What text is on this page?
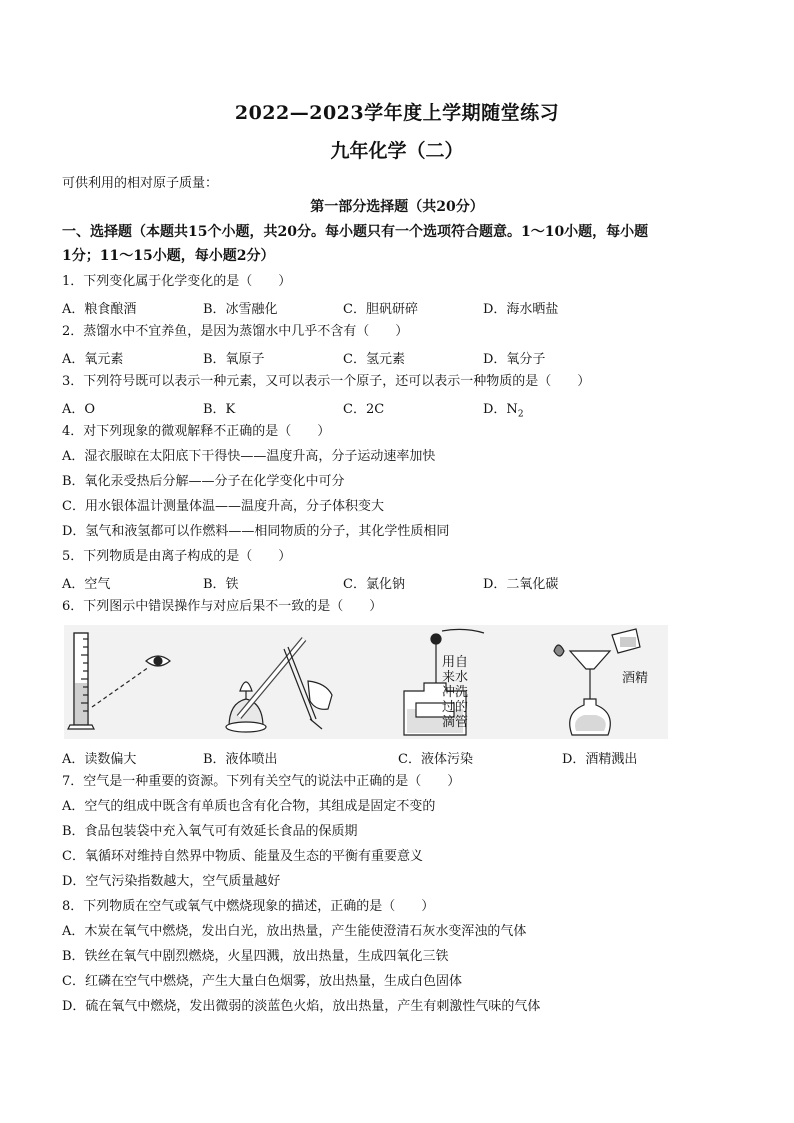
2022—2023学年度上学期随堂练习
九年化学（二）
可供利用的相对原子质量：
第一部分选择题（共20分）
一、选择题（本题共15个小题，共20分。每小题只有一个选项符合题意。1～10小题，每小题
1分；11～15小题，每小题2分）
1．下列变化属于化学变化的是（　　）
A．粮食酿酒	B．冰雪融化	C．胆矾研碎	D．海水晒盐
2．蒸馏水中不宜养鱼，是因为蒸馏水中几乎不含有（　　）
A．氧元素	B．氧原子	C．氢元素	D．氧分子
3．下列符号既可以表示一种元素，又可以表示一个原子，还可以表示一种物质的是（　　）
A．O	B．K	C．2C	D．$N_2$
4．对下列现象的微观解释不正确的是（　　）
A．湿衣服晾在太阳底下干得快——温度升高，分子运动速率加快
B．氧化汞受热后分解——分子在化学变化中可分
C．用水银体温计测量体温——温度升高，分子体积变大
D．氢气和液氢都可以作燃料——相同物质的分子，其化学性质相同
5．下列物质是由离子构成的是（　　）
A．空气	B．铁	C．氯化钠	D．二氧化碳
6．下列图示中错误操作与对应后果不一致的是（　　）
用自
来水
冲洗
过的
滴管
酒精
A．读数偏大	B．液体喷出	C．液体污染	D．酒精溅出
7．空气是一种重要的资源。下列有关空气的说法中正确的是（　　）
A．空气的组成中既含有单质也含有化合物，其组成是固定不变的
B．食品包装袋中充入氧气可有效延长食品的保质期
C．氧循环对维持自然界中物质、能量及生态的平衡有重要意义
D．空气污染指数越大，空气质量越好
8．下列物质在空气或氧气中燃烧现象的描述，正确的是（　　）
A．木炭在氧气中燃烧，发出白光，放出热量，产生能使澄清石灰水变浑浊的气体
B．铁丝在氧气中剧烈燃烧，火星四溅，放出热量，生成四氧化三铁
C．红磷在空气中燃烧，产生大量白色烟雾，放出热量，生成白色固体
D．硫在氧气中燃烧，发出微弱的淡蓝色火焰，放出热量，产生有刺激性气味的气体
